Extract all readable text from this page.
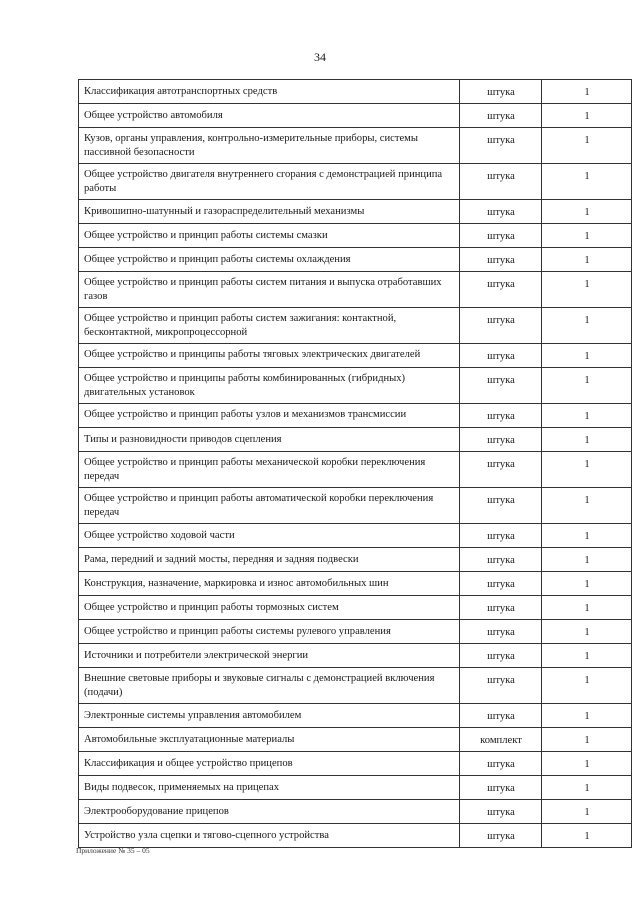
34
Классификация автотранспортных средств	штука	1
Общее устройство автомобиля	штука	1
Кузов, органы управления, контрольно-измерительные приборы, системы пассивной безопасности	штука	1
Общее устройство двигателя внутреннего сгорания с демонстрацией принципа работы	штука	1
Кривошипно-шатунный и газораспределительный механизмы	штука	1
Общее устройство и принцип работы системы смазки	штука	1
Общее устройство и принцип работы системы охлаждения	штука	1
Общее устройство и принцип работы систем питания и выпуска отработавших газов	штука	1
Общее устройство и принцип работы систем зажигания: контактной, бесконтактной, микропроцессорной	штука	1
Общее устройство и принципы работы тяговых электрических двигателей	штука	1
Общее устройство и принципы работы комбинированных (гибридных) двигательных установок	штука	1
Общее устройство и принцип работы узлов и механизмов трансмиссии	штука	1
Типы и разновидности приводов сцепления	штука	1
Общее устройство и принцип работы механической коробки переключения передач	штука	1
Общее устройство и принцип работы автоматической коробки переключения передач	штука	1
Общее устройство ходовой части	штука	1
Рама, передний и задний мосты, передняя и задняя подвески	штука	1
Конструкция, назначение, маркировка и износ автомобильных шин	штука	1
Общее устройство и принцип работы тормозных систем	штука	1
Общее устройство и принцип работы системы рулевого управления	штука	1
Источники и потребители электрической энергии	штука	1
Внешние световые приборы и звуковые сигналы с демонстрацией включения (подачи)	штука	1
Электронные системы управления автомобилем	штука	1
Автомобильные эксплуатационные материалы	комплект	1
Классификация и общее устройство прицепов	штука	1
Виды подвесок, применяемых на прицепах	штука	1
Электрооборудование прицепов	штука	1
Устройство узла сцепки и тягово-сцепного устройства	штука	1
Приложение № 35 – 05
